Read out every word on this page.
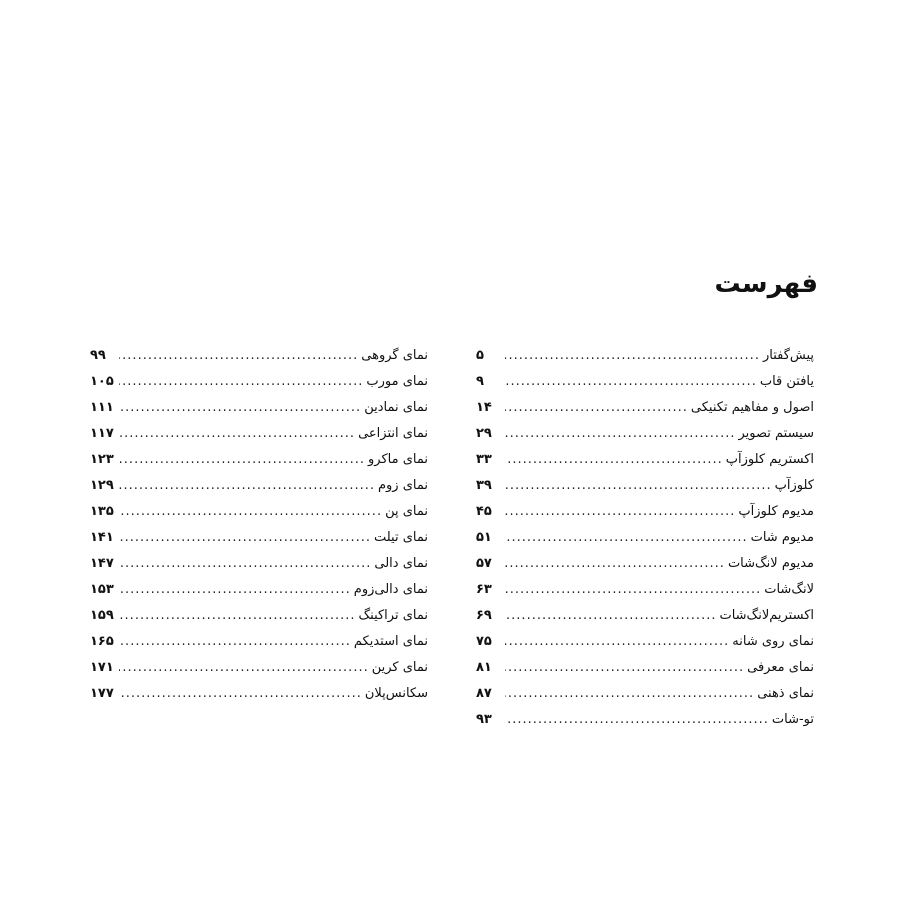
فهرست
پیش‌گفتار
.....
۵
یافتن قاب
.....
۹
اصول و مفاهیم تکنیکی
.....
۱۴
سیستم تصویر
.....
۲۹
اکستریم کلوزآپ
.....
۳۳
کلوزآپ
.....
۳۹
مدیوم کلوزآپ
.....
۴۵
مدیوم شات
.....
۵۱
مدیوم لانگ‌شات
.....
۵۷
لانگ‌شات
.....
۶۳
اکستریم‌لانگ‌شات
.....
۶۹
نمای روی شانه
.....
۷۵
نمای معرفی
.....
۸۱
نمای ذهنی
.....
۸۷
تو-شات
.....
۹۳
نمای گروهی
.....
۹۹
نمای مورب
.....
۱۰۵
نمای نمادین
.....
۱۱۱
نمای انتزاعی
.....
۱۱۷
نمای ماکرو
.....
۱۲۳
نمای زوم
.....
۱۲۹
نمای پن
.....
۱۳۵
نمای تیلت
.....
۱۴۱
نمای دالی
.....
۱۴۷
نمای دالی‌زوم
.....
۱۵۳
نمای تراکینگ
.....
۱۵۹
نمای استدیکم
.....
۱۶۵
نمای کرین
.....
۱۷۱
سکانس‌پلان
.....
۱۷۷
